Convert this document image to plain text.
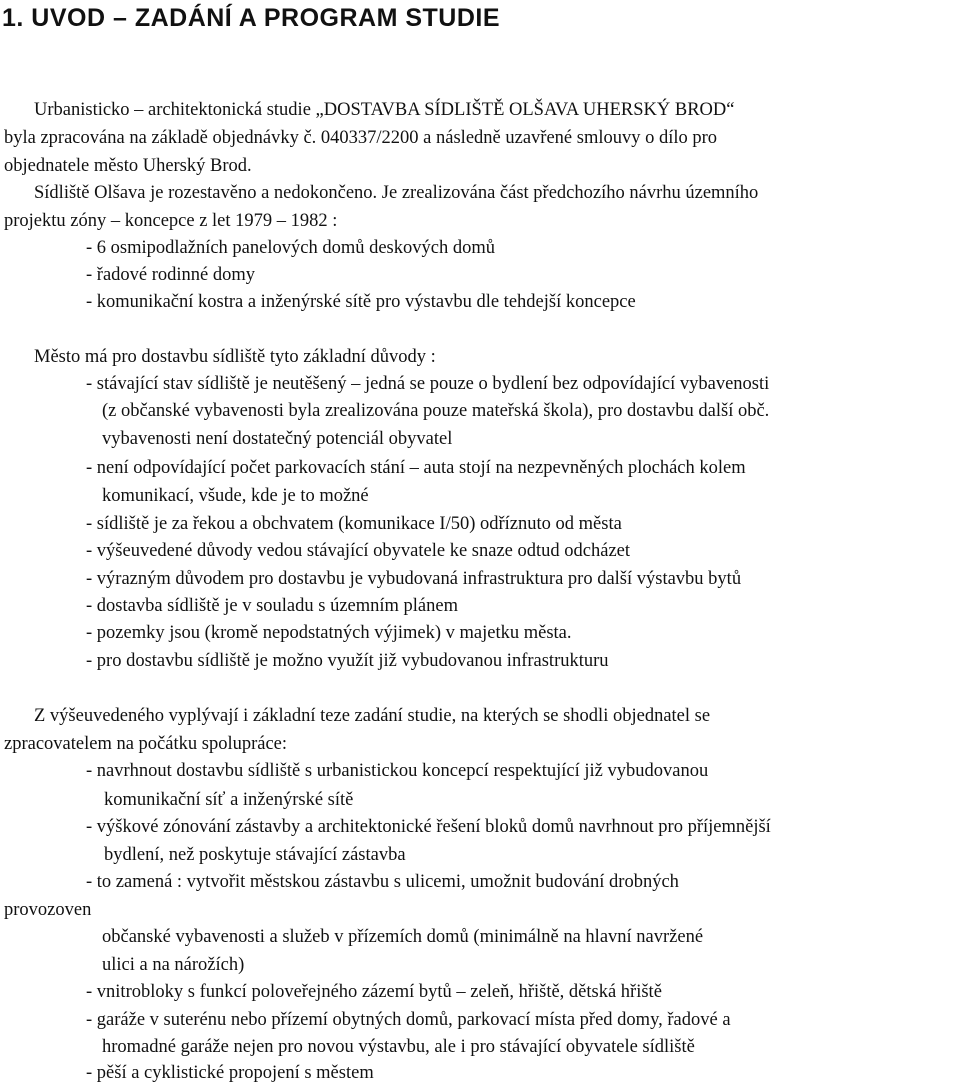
1. UVOD – ZADÁNÍ A PROGRAM STUDIE
Urbanisticko – architektonická studie „DOSTAVBA SÍDLIŠTĚ OLŠAVA UHERSKÝ BROD“
byla zpracována na základě objednávky č. 040337/2200 a následně uzavřené smlouvy o dílo pro
objednatele město Uherský Brod.
Sídliště Olšava je rozestavěno a nedokončeno. Je zrealizována část předchozího návrhu územního
projektu zóny – koncepce z let 1979 – 1982 :
- 6 osmipodlažních panelových domů deskových domů
- řadové rodinné domy
- komunikační kostra a inženýrské sítě pro výstavbu dle tehdejší koncepce
Město má pro dostavbu sídliště tyto základní důvody :
- stávající stav sídliště je neutěšený – jedná se pouze o bydlení bez odpovídající vybavenosti
(z občanské vybavenosti byla zrealizována pouze mateřská škola), pro dostavbu další obč.
vybavenosti není dostatečný potenciál obyvatel
- není odpovídající počet parkovacích stání – auta stojí na nezpevněných plochách kolem
komunikací, všude, kde je to možné
- sídliště je za řekou a obchvatem (komunikace I/50) odříznuto od města
- výšeuvedené důvody vedou stávající obyvatele ke snaze odtud odcházet
- výrazným důvodem pro dostavbu je vybudovaná infrastruktura pro další výstavbu bytů
- dostavba sídliště je v souladu s územním plánem
- pozemky jsou (kromě nepodstatných výjimek) v majetku města.
- pro dostavbu sídliště je možno využít již vybudovanou infrastrukturu
Z výšeuvedeného vyplývají i základní teze zadání studie, na kterých se shodli objednatel se
zpracovatelem na počátku spolupráce:
- navrhnout dostavbu sídliště s urbanistickou koncepcí respektující již vybudovanou
komunikační síť a inženýrské sítě
- výškové zónování zástavby a architektonické řešení bloků domů navrhnout pro příjemnější
bydlení, než poskytuje stávající zástavba
- to zamená : vytvořit městskou zástavbu s ulicemi, umožnit budování drobných
provozoven
občanské vybavenosti a služeb v přízemích domů (minimálně na hlavní navržené
ulici a na nárožích)
- vnitrobloky s funkcí poloveřejného zázemí bytů – zeleň, hřiště, dětská hřiště
- garáže v suterénu nebo přízemí obytných domů, parkovací místa před domy, řadové a
hromadné garáže nejen pro novou výstavbu, ale i pro stávající obyvatele sídliště
- pěší a cyklistické propojení s městem
